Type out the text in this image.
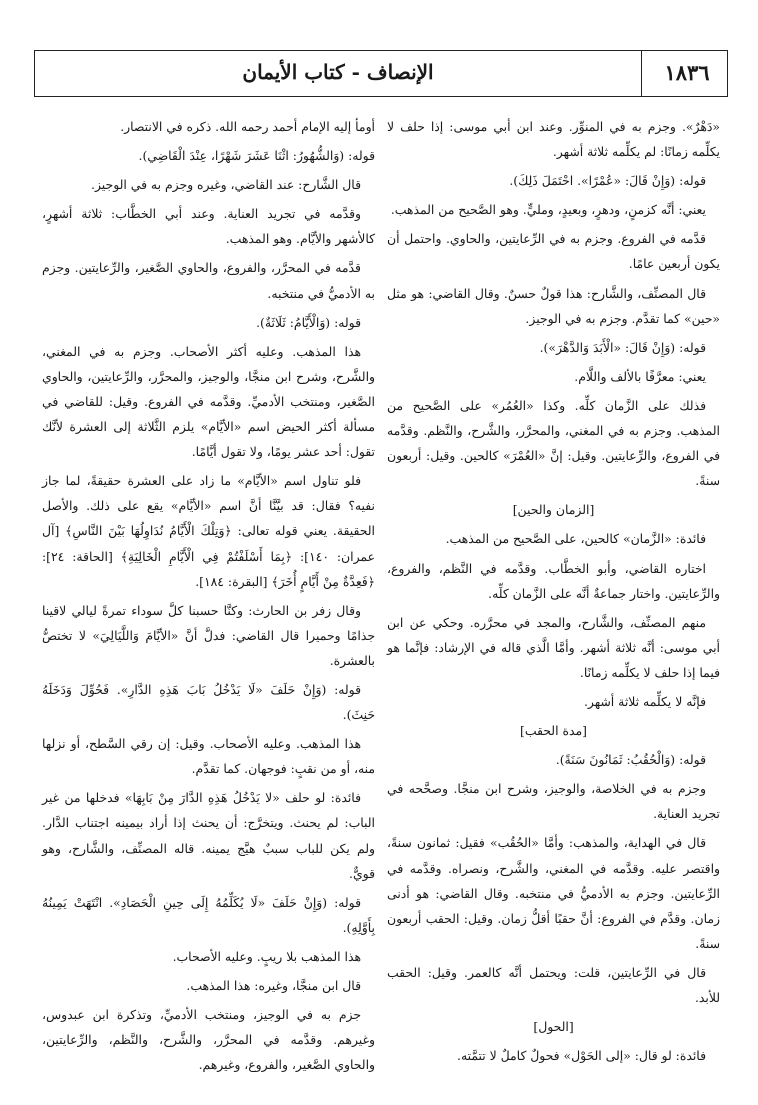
١٨٣٦
الإنصاف - كتاب الأيمان

«دَهْرٌ». وجزم به في المنوِّر. وعند ابن أبي موسى: إذا حلف لا يكلِّمه زمانًا: لم يكلِّمه ثلاثة أشهر.

قوله: (وَإِنْ قَالَ: «عُمْرًا». احْتَمَلَ ذَلِكَ).

يعني: أنَّه كزمنٍ، ودهرٍ، وبعيدٍ، ومليٍّ. وهو الصَّحيح من المذهب.

قدَّمه في الفروع. وجزم به في الرِّعايتين، والحاوي. واحتمل أن يكون أربعين عامًا.

قال المصنِّف، والشَّارح: هذا قولٌ حسنٌ. وقال القاضي: هو مثل «حين» كما تقدَّم. وجزم به في الوجيز.

قوله: (وَإِنْ قَالَ: «الْأَبَدَ وَالدَّهْرَ»).

يعني: معرَّفًا بالألف واللَّام.

فذلك على الزَّمان كلِّه. وكذا «العُمُر» على الصَّحيح من المذهب. وجزم به في المغني، والمحرَّر، والشَّرح، والنَّظم. وقدَّمه في الفروع، والرِّعايتين. وقيل: إنَّ «العُمْرَ» كالحين. وقيل: أربعون سنةً.

[ الزمان والحين ]

فائدة: «الزَّمان» كالحين، على الصَّحيح من المذهب.

اختاره القاضي، وأبو الخطَّاب. وقدَّمه في النَّظم، والفروع، والرِّعايتين. واختار جماعةٌ أنَّه على الزَّمان كلِّه.

منهم المصنِّف، والشَّارح، والمجد في محرَّره. وحكي عن ابن أبي موسى: أنَّه ثلاثة أشهر. وأمَّا الَّذي قاله في الإرشاد: فإنَّما هو فيما إذا حلف لا يكلِّمه زمانًا.

فإنَّه لا يكلِّمه ثلاثة أشهر.

[ مدة الحقب ]

قوله: (وَالْحُقُبُ: ثَمَانُونَ سَنَةً).

وجزم به في الخلاصة، والوجيز، وشرح ابن منجَّا. وصحَّحه في تجريد العناية.

قال في الهداية، والمذهب: وأمَّا «الحُقُب» فقيل: ثمانون سنةً، واقتصر عليه. وقدَّمه في المغني، والشَّرح، ونصراه. وقدَّمه في الرِّعايتين. وجزم به الأدميُّ في منتخبه. وقال القاضي: هو أدنى زمان. وقدَّم في الفروع: أنَّ حقبًا أقلُّ زمان. وقيل: الحقب أربعون سنةً.

قال في الرِّعايتين، قلت: ويحتمل أنَّه كالعمر. وقيل: الحقب للأبد.

[ الحول ]

فائدة: لو قال: «إلى الحَوْل» فحولٌ كاملٌ لا تتمَّته.

أومأ إليه الإمام أحمد رحمه الله. ذكره في الانتصار.

قوله: (وَالشُّهُورُ: اثْنَا عَشَرَ شَهْرًا، عِنْدَ الْقَاضِي).

قال الشَّارح: عند القاضي، وغيره وجزم به في الوجيز.

وقدَّمه في تجريد العناية. وعند أبي الخطَّاب: ثلاثة أشهرٍ، كالأشهر والأيَّام. وهو المذهب.

قدَّمه في المحرَّر، والفروع، والحاوي الصَّغير، والرِّعايتين. وجزم به الأدميُّ في منتخبه.

قوله: (وَالْأَيَّامُ: ثَلَاثَةٌ).

هذا المذهب. وعليه أكثر الأصحاب. وجزم به في المغني، والشَّرح، وشرح ابن منجَّا، والوجيز، والمحرَّر، والرِّعايتين، والحاوي الصَّغير، ومنتخب الأدميِّ. وقدَّمه في الفروع. وقيل: للقاضي في مسألة أكثر الحيض اسم «الأيَّام» يلزم الثَّلاثة إلى العشرة لأنَّك تقول: أحد عشر يومًا، ولا تقول أيَّامًا.

فلو تناول اسم «الأيَّام» ما زاد على العشرة حقيقةً، لما جاز نفيه؟ فقال: قد بيَّنَّا أنَّ اسم «الأيَّام» يقع على ذلك. والأصل الحقيقة. يعني قوله تعالى: ﴿وَتِلْكَ الْأَيَّامُ نُدَاوِلُهَا بَيْنَ النَّاسِ﴾ [آل عمران: ١٤٠]: ﴿بِمَا أَسْلَفْتُمْ فِي الْأَيَّامِ الْخَالِيَةِ﴾ [الحاقة: ٢٤]: ﴿فَعِدَّةٌ مِنْ أَيَّامٍ أُخَرَ﴾ [البقرة: ١٨٤].

وقال زفر بن الحارث: وكنَّا حسبنا كلَّ سوداء تمرةً ليالي لاقينا جذامًا وحميرا قال القاضي: فدلَّ أنَّ «الأيَّامَ وَاللَّيَالِيَ» لا تختصُّ بالعشرة.

قوله: (وَإِنْ حَلَفَ «لَا يَدْخُلُ بَابَ هَذِهِ الدَّارِ». فَحُوِّلَ وَدَخَلَهُ حَنِثَ).

هذا المذهب. وعليه الأصحاب. وقيل: إن رقي السَّطح، أو نزلها منه، أو من نقبٍ: فوجهان. كما تقدَّم.

فائدة: لو حلف «لا يَدْخُلُ هَذِهِ الدَّارَ مِنْ بَابِهَا» فدخلها من غير الباب: لم يحنث. ويتخرَّج: أن يحنث إذا أراد بيمينه اجتناب الدَّار. ولم يكن للباب سببٌ هيَّج يمينه. قاله المصنِّف، والشَّارح، وهو قويٌّ.

قوله: (وَإِنْ حَلَفَ «لَا يُكَلِّمُهُ إِلَى حِينِ الْحَصَادِ». انْتَهَتْ يَمِينُهُ بِأَوَّلِهِ).

هذا المذهب بلا ريبٍ. وعليه الأصحاب.

قال ابن منجَّا، وغيره: هذا المذهب.

جزم به في الوجيز، ومنتخب الأدميِّ، وتذكرة ابن عبدوس، وغيرهم. وقدَّمه في المحرَّر، والشَّرح، والنَّظم، والرِّعايتين، والحاوي الصَّغير، والفروع، وغيرهم.
